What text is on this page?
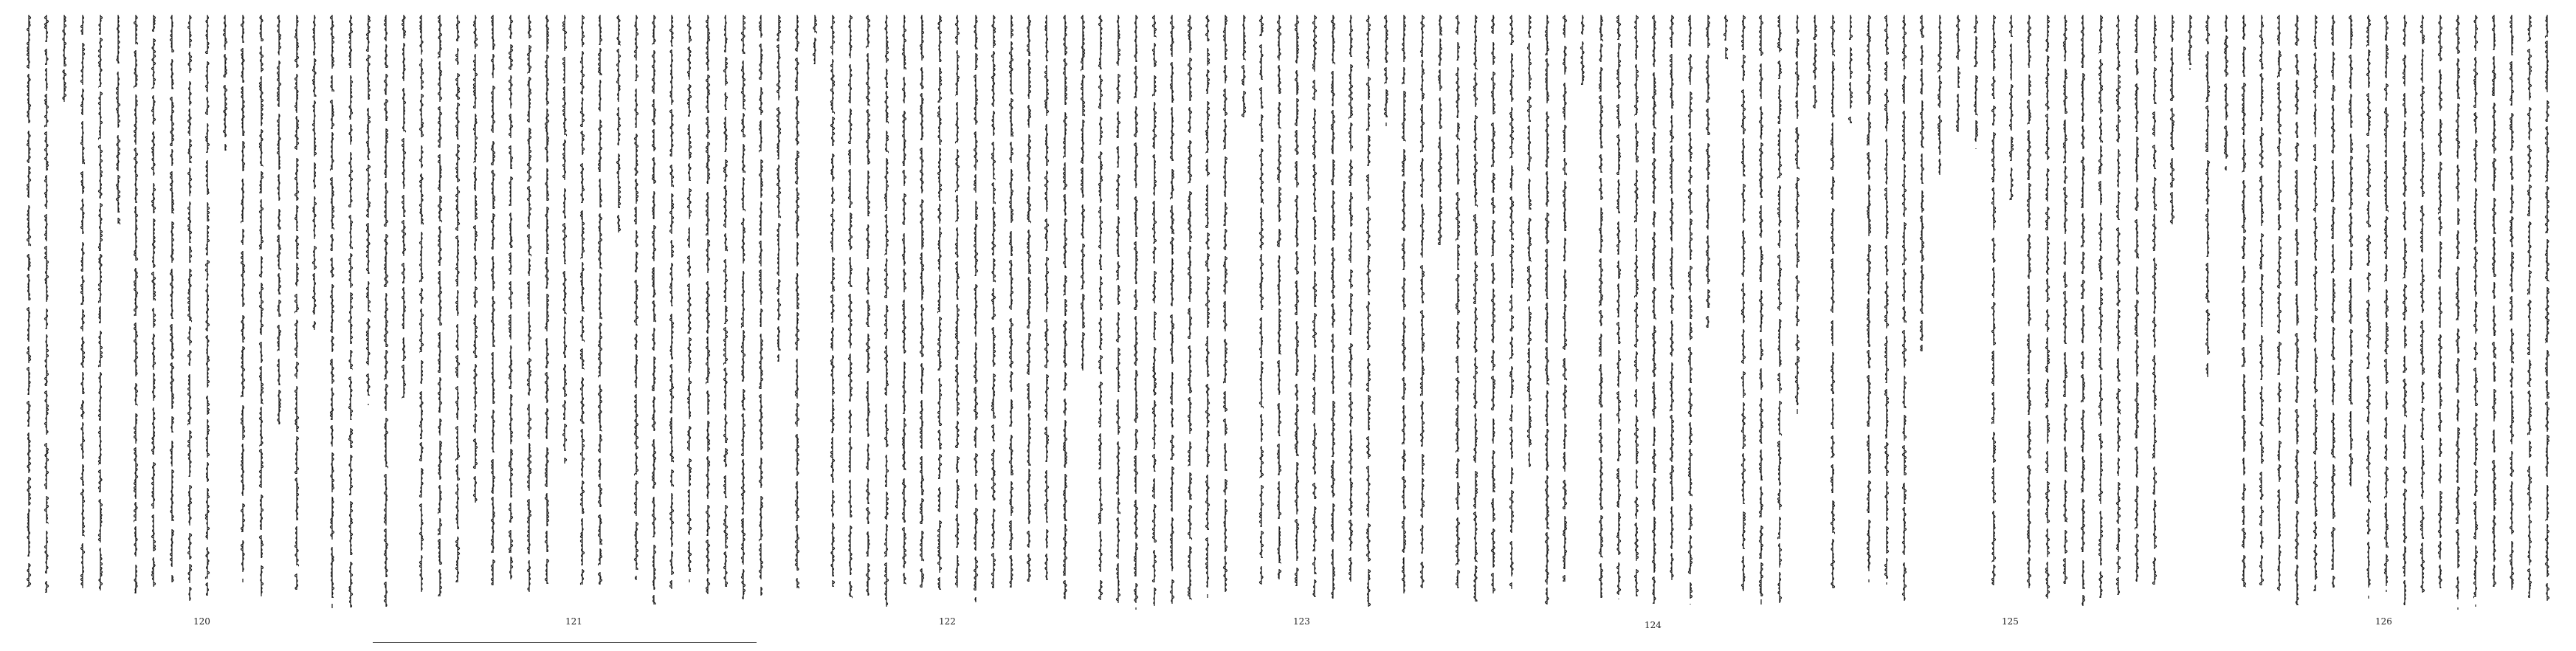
120	121	122	123	124	125	126
